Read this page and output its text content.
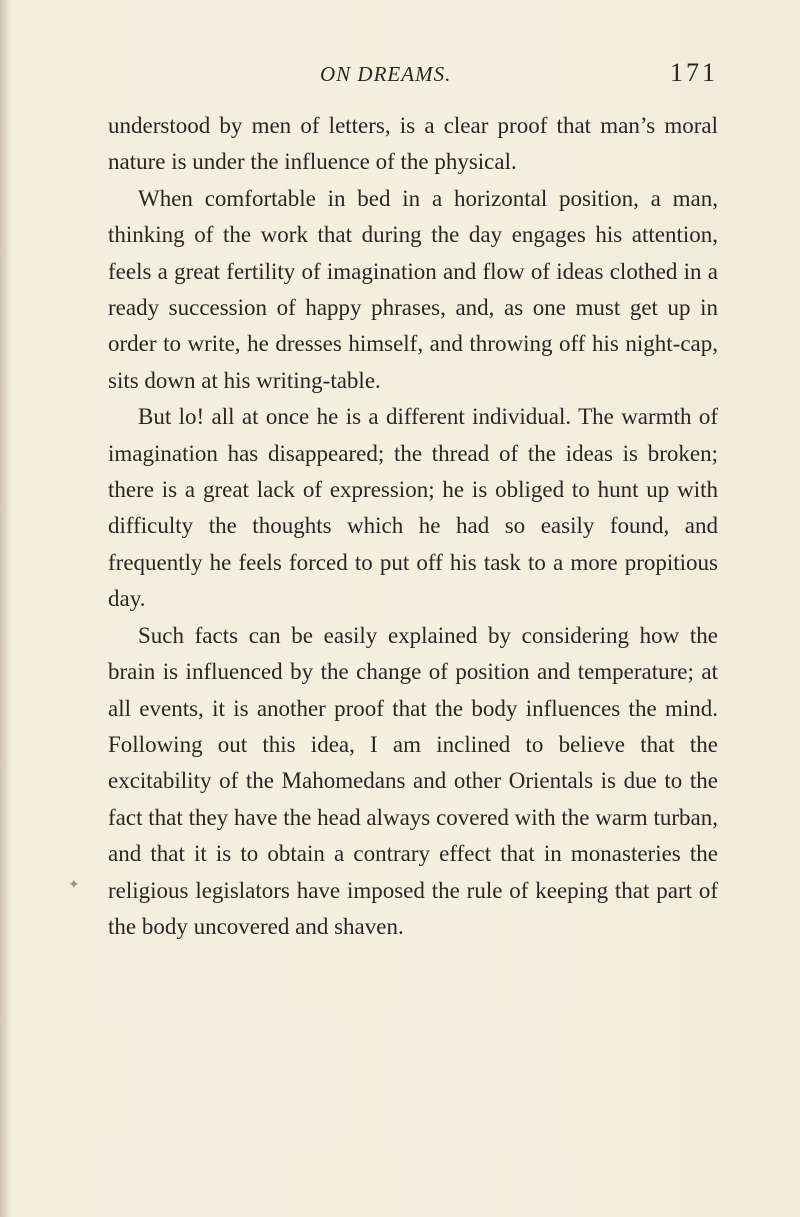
ON DREAMS.	171

understood by men of letters, is a clear proof that man’s moral nature is under the influence of the physical.

When comfortable in bed in a horizontal position, a man, thinking of the work that during the day engages his attention, feels a great fertility of imagination and flow of ideas clothed in a ready succession of happy phrases, and, as one must get up in order to write, he dresses himself, and throwing off his night-cap, sits down at his writing-table.

But lo! all at once he is a different individual. The warmth of imagination has disappeared; the thread of the ideas is broken; there is a great lack of expression; he is obliged to hunt up with difficulty the thoughts which he had so easily found, and frequently he feels forced to put off his task to a more propitious day.

Such facts can be easily explained by considering how the brain is influenced by the change of position and temperature; at all events, it is another proof that the body influences the mind. Following out this idea, I am inclined to believe that the excitability of the Mahomedans and other Orientals is due to the fact that they have the head always covered with the warm turban, and that it is to obtain a contrary effect that in monasteries the religious legislators have imposed the rule of keeping that part of the body uncovered and shaven.

✦
